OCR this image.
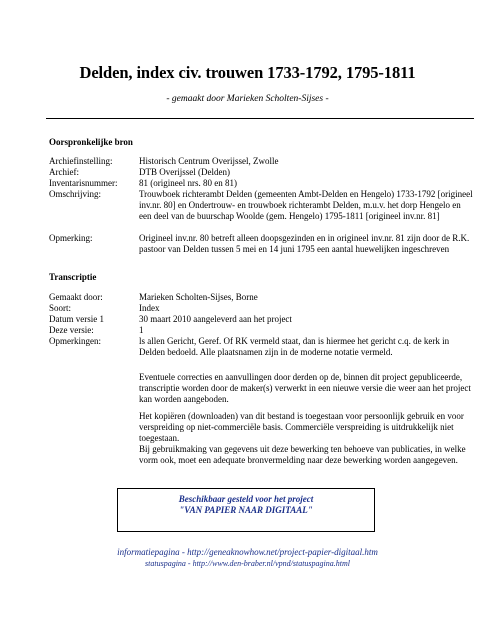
Delden, index civ. trouwen 1733-1792, 1795-1811
- gemaakt door Marieken Scholten-Sijses -
Oorspronkelijke bron
Archiefinstelling:	Historisch Centrum Overijssel, Zwolle
Archief:	DTB Overijssel (Delden)
Inventarisnummer: 81 (origineel nrs. 80 en 81)
Omschrijving:	Trouwboek richterambt Delden (gemeenten Ambt-Delden en Hengelo) 1733-1792 [origineel inv.nr. 80] en Ondertrouw- en trouwboek richterambt Delden, m.u.v. het dorp Hengelo en een deel van de buurschap Woolde (gem. Hengelo) 1795-1811 [origineel inv.nr. 81]
Opmerking:	Origineel inv.nr. 80 betreft alleen doopsgezinden en in origineel inv.nr. 81 zijn door de R.K. pastoor van Delden tussen 5 mei en 14 juni 1795 een aantal huewelijken ingeschreven
Transcriptie
Gemaakt door:	Marieken Scholten-Sijses, Borne
Soort:	Index
Datum versie 1	30 maart 2010 aangeleverd aan het project
Deze versie:	1
Opmerkingen:	ls allen Gericht, Geref. Of RK vermeld staat, dan is hiermee het gericht c.q. de kerk in Delden bedoeld. Alle plaatsnamen zijn in de moderne notatie vermeld.
Eventuele correcties en aanvullingen door derden op de, binnen dit project gepubliceerde, transcriptie worden door de maker(s) verwerkt in een nieuwe versie die weer aan het project kan worden aangeboden.
Het kopiëren (downloaden) van dit bestand is toegestaan voor persoonlijk gebruik en voor verspreiding op niet-commerciële basis. Commerciële verspreiding is uitdrukkelijk niet toegestaan.
Bij gebruikmaking van gegevens uit deze bewerking ten behoeve van publicaties, in welke vorm ook, moet een adequate bronvermelding naar deze bewerking worden aangegeven.
Beschikbaar gesteld voor het project
"VAN PAPIER NAAR DIGITAAL"
informatiepagina - http://geneaknowhow.net/project-papier-digitaal.htm
statuspagina - http://www.den-braber.nl/vpnd/statuspagina.html
